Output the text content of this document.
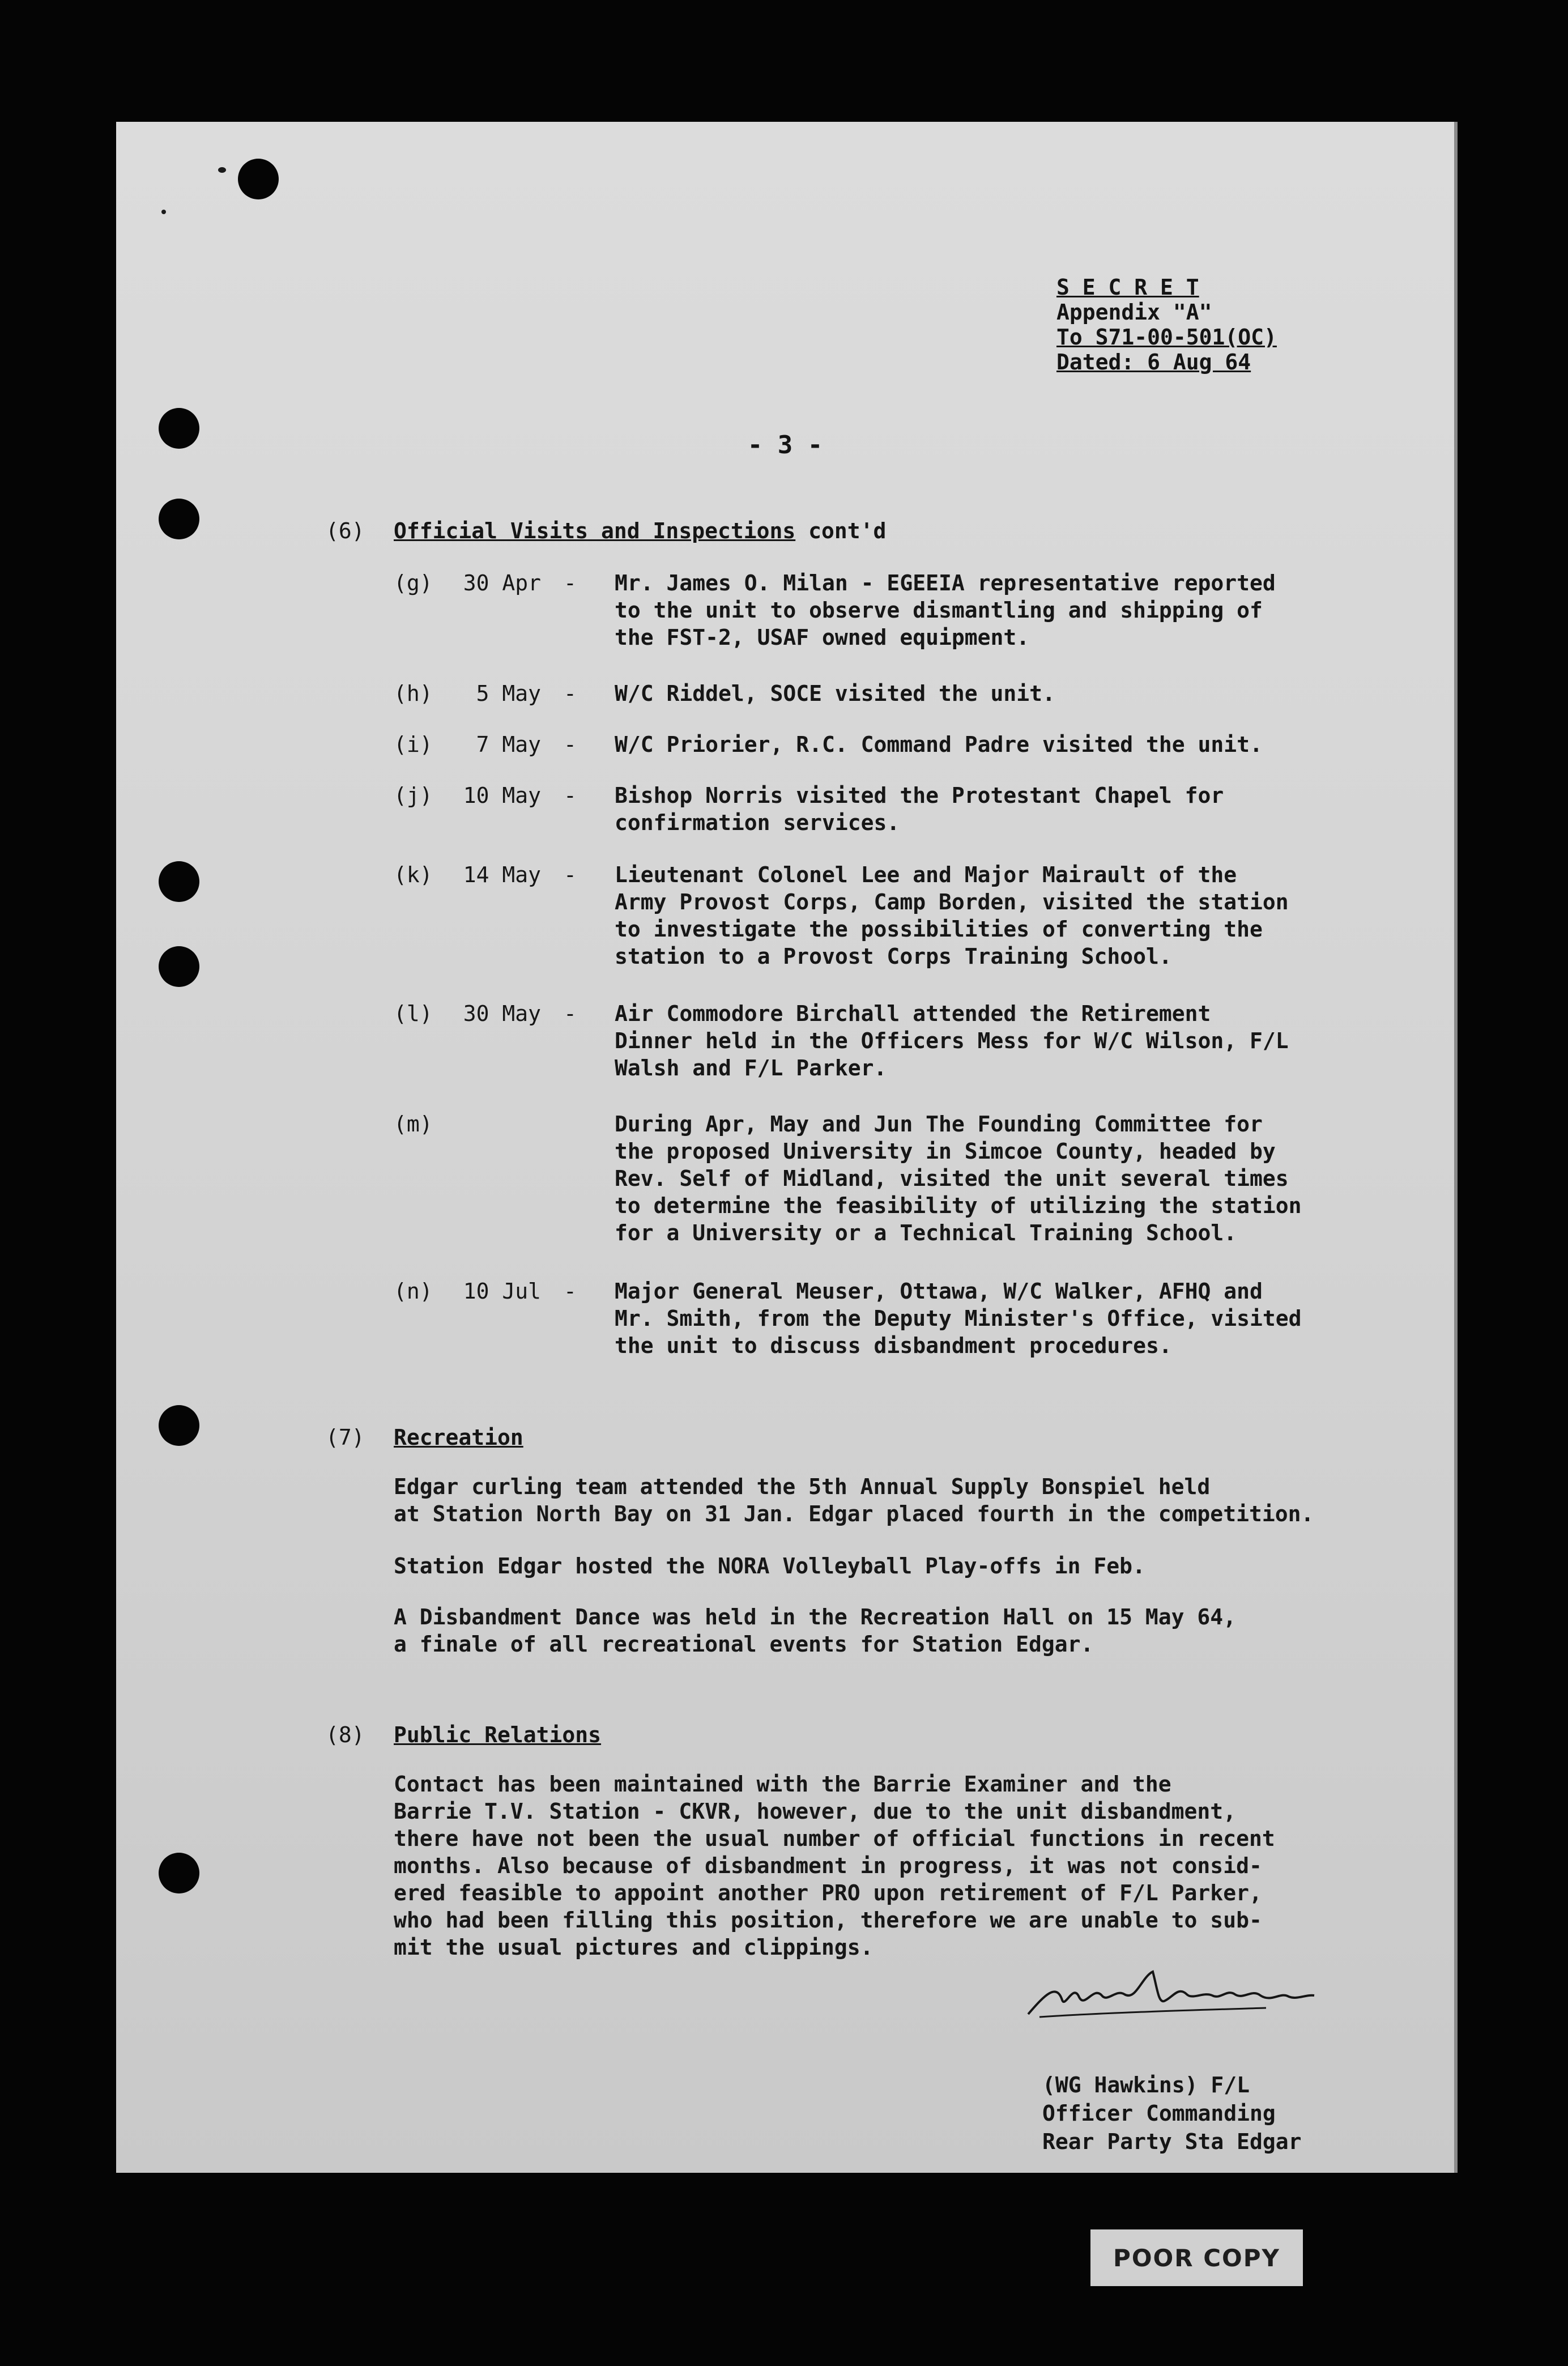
S E C R E T
Appendix "A"
To S71-00-501(OC)
Dated: 6 Aug 64
- 3 -
(6) Official Visits and Inspections cont'd
(g)	30 Apr - Mr. James O. Milan - EGEEIA representative reported
to the unit to observe dismantling and shipping of
the FST-2, USAF owned equipment.
(h)	5 May - W/C Riddel, SOCE visited the unit.
(i)	7 May - W/C Priorier, R.C. Command Padre visited the unit.
(j)	10 May - Bishop Norris visited the Protestant Chapel for
confirmation services.
(k)	14 May - Lieutenant Colonel Lee and Major Mairault of the
Army Provost Corps, Camp Borden, visited the station
to investigate the possibilities of converting the
station to a Provost Corps Training School.
(l)	30 May - Air Commodore Birchall attended the Retirement
Dinner held in the Officers Mess for W/C Wilson, F/L
Walsh and F/L Parker.
(m)	During Apr, May and Jun The Founding Committee for
the proposed University in Simcoe County, headed by
Rev. Self of Midland, visited the unit several times
to determine the feasibility of utilizing the station
for a University or a Technical Training School.
(n)	10 Jul - Major General Meuser, Ottawa, W/C Walker, AFHQ and
Mr. Smith, from the Deputy Minister's Office, visited
the unit to discuss disbandment procedures.
(7) Recreation
Edgar curling team attended the 5th Annual Supply Bonspiel held
at Station North Bay on 31 Jan. Edgar placed fourth in the competition.
Station Edgar hosted the NORA Volleyball Play-offs in Feb.
A Disbandment Dance was held in the Recreation Hall on 15 May 64,
a finale of all recreational events for Station Edgar.
(8) Public Relations
Contact has been maintained with the Barrie Examiner and the
Barrie T.V. Station - CKVR, however, due to the unit disbandment,
there have not been the usual number of official functions in recent
months. Also because of disbandment in progress, it was not consid-
ered feasible to appoint another PRO upon retirement of F/L Parker,
who had been filling this position, therefore we are unable to sub-
mit the usual pictures and clippings.
W G Hawkins
(WG Hawkins) F/L
Officer Commanding
Rear Party Sta Edgar
POOR COPY
